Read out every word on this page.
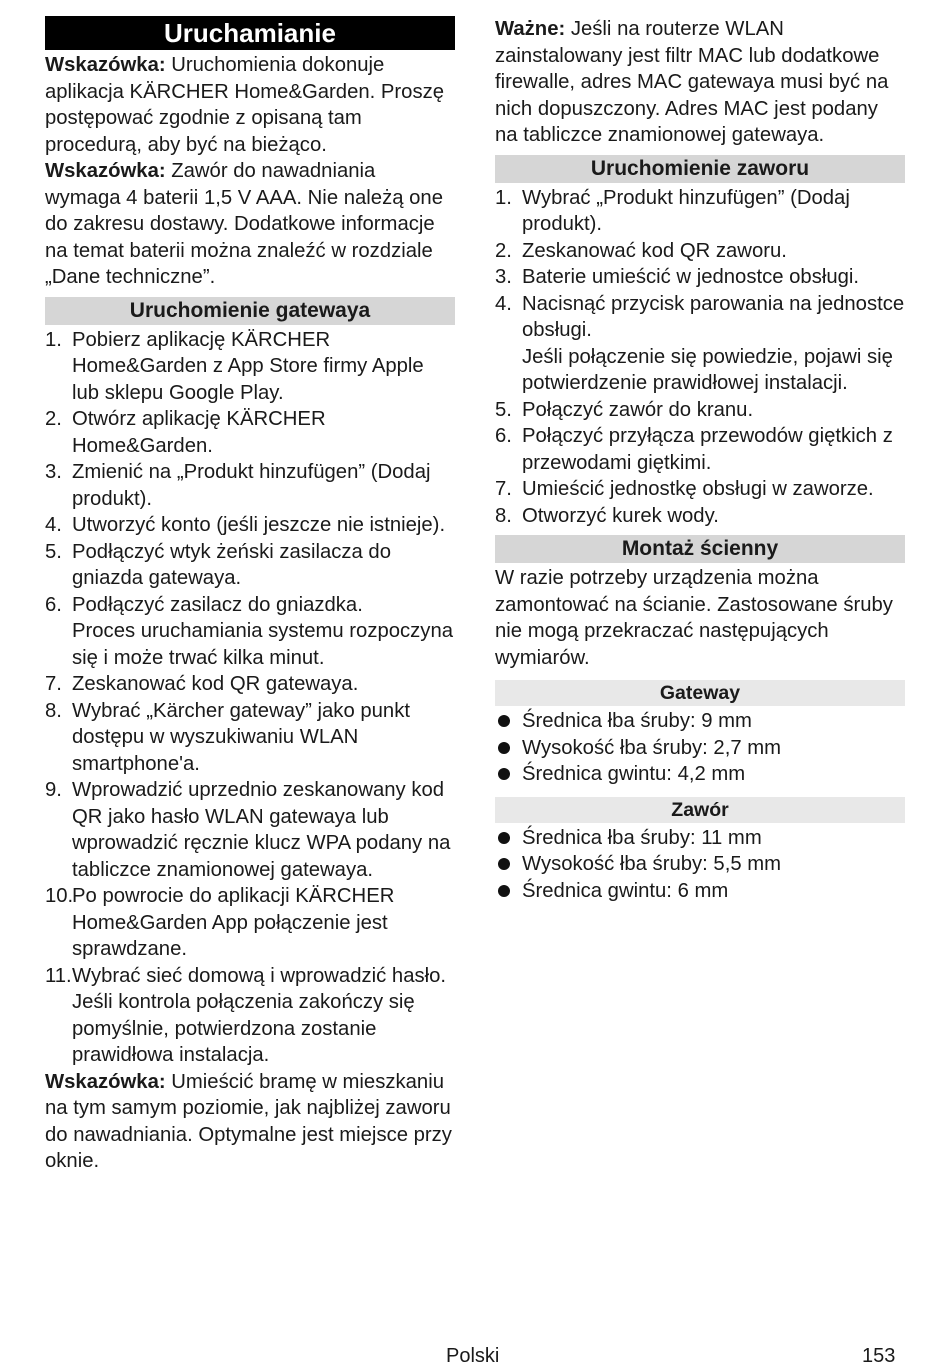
Uruchamianie

Wskazówka: Uruchomienia dokonuje aplikacja KÄRCHER Home&Garden. Proszę postępować zgodnie z opisaną tam procedurą, aby być na bieżąco.

Wskazówka: Zawór do nawadniania wymaga 4 baterii 1,5 V AAA. Nie należą one do zakresu dostawy. Dodatkowe informacje na temat baterii można znaleźć w rozdziale „Dane techniczne”.

Uruchomienie gatewaya
1. Pobierz aplikację KÄRCHER Home&Garden z App Store firmy Apple lub sklepu Google Play.
2. Otwórz aplikację KÄRCHER Home&Garden.
3. Zmienić na „Produkt hinzufügen” (Dodaj produkt).
4. Utworzyć konto (jeśli jeszcze nie istnieje).
5. Podłączyć wtyk żeński zasilacza do gniazda gatewaya.
6. Podłączyć zasilacz do gniazdka.
Proces uruchamiania systemu rozpoczyna się i może trwać kilka minut.
7. Zeskanować kod QR gatewaya.
8. Wybrać „Kärcher gateway” jako punkt dostępu w wyszukiwaniu WLAN smartphone'a.
9. Wprowadzić uprzednio zeskanowany kod QR jako hasło WLAN gatewaya lub wprowadzić ręcznie klucz WPA podany na tabliczce znamionowej gatewaya.
10.
Po powrocie do aplikacji KÄRCHER Home&Garden App połączenie jest sprawdzane.
11. Wybrać sieć domową i wprowadzić hasło.
Jeśli kontrola połączenia zakończy się pomyślnie, potwierdzona zostanie prawidłowa instalacja.

Wskazówka: Umieścić bramę w mieszkaniu na tym samym poziomie, jak najbliżej zaworu do nawadniania. Optymalne jest miejsce przy oknie.

Ważne: Jeśli na routerze WLAN zainstalowany jest filtr MAC lub dodatkowe firewalle, adres MAC gatewaya musi być na nich dopuszczony. Adres MAC jest podany na tabliczce znamionowej gatewaya.

Uruchomienie zaworu
1. Wybrać „Produkt hinzufügen” (Dodaj produkt).
2. Zeskanować kod QR zaworu.
3. Baterie umieścić w jednostce obsługi.
4. Nacisnąć przycisk parowania na jednostce obsługi.
Jeśli połączenie się powiedzie, pojawi się potwierdzenie prawidłowej instalacji.
5. Połączyć zawór do kranu.
6. Połączyć przyłącza przewodów giętkich z przewodami giętkimi.
7. Umieścić jednostkę obsługi w zaworze.
8. Otworzyć kurek wody.
Montaż ścienny

W razie potrzeby urządzenia można zamontować na ścianie. Zastosowane śruby nie mogą przekraczać następujących wymiarów.

Gateway
Średnica łba śruby: 9 mm
Wysokość łba śruby: 2,7 mm
Średnica gwintu: 4,2 mm
Zawór
Średnica łba śruby: 11 mm
Wysokość łba śruby: 5,5 mm
Średnica gwintu: 6 mm
Polski	153
